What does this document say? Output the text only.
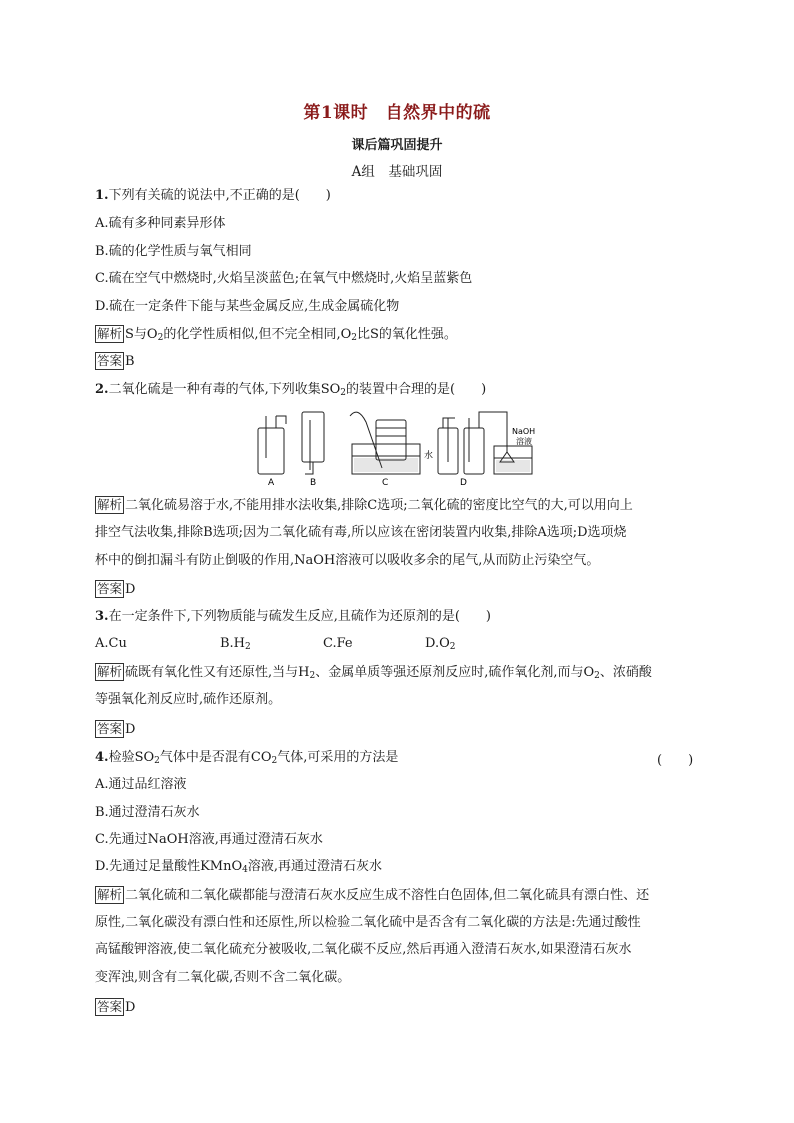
第1课时　自然界中的硫
课后篇巩固提升
A组　基础巩固
1.下列有关硫的说法中,不正确的是(　　)
A.硫有多种同素异形体
B.硫的化学性质与氧气相同
C.硫在空气中燃烧时,火焰呈淡蓝色;在氧气中燃烧时,火焰呈蓝紫色
D.硫在一定条件下能与某些金属反应,生成金属硫化物
解析 S与$O_2$的化学性质相似,但不完全相同$,O_2$比S的氧化性强。
答案 B
2.二氧化硫是一种有毒的气体,下列收集$SO_2$的装置中合理的是(　　)
A	B	C	D
水
NaOH
溶液
解析 二氧化硫易溶于水,不能用排水法收集,排除C选项;二氧化硫的密度比空气的大,可以用向上
排空气法收集,排除B选项;因为二氧化硫有毒,所以应该在密闭装置内收集,排除A选项;D选项烧
杯中的倒扣漏斗有防止倒吸的作用,NaOH溶液可以吸收多余的尾气,从而防止污染空气。
答案 D
3.在一定条件下,下列物质能与硫发生反应,且硫作为还原剂的是(　　)
A.Cu	$B.H_2$	C.Fe	$D.O_2$
解析 硫既有氧化性又有还原性,当与$H_2$、金属单质等强还原剂反应时,硫作氧化剂,而与$O_2$、浓硝酸
等强氧化剂反应时,硫作还原剂。
答案 D
4.检验$SO_2$气体中是否混有$CO_2$气体,可采用的方法是	(　　)
A.通过品红溶液
B.通过澄清石灰水
C.先通过NaOH溶液,再通过澄清石灰水
D.先通过足量酸性KMnO$_4$溶液,再通过澄清石灰水
解析 二氧化硫和二氧化碳都能与澄清石灰水反应生成不溶性白色固体,但二氧化硫具有漂白性、还
原性,二氧化碳没有漂白性和还原性,所以检验二氧化硫中是否含有二氧化碳的方法是:先通过酸性
高锰酸钾溶液,使二氧化硫充分被吸收,二氧化碳不反应,然后再通入澄清石灰水,如果澄清石灰水
变浑浊,则含有二氧化碳,否则不含二氧化碳。
答案 D
